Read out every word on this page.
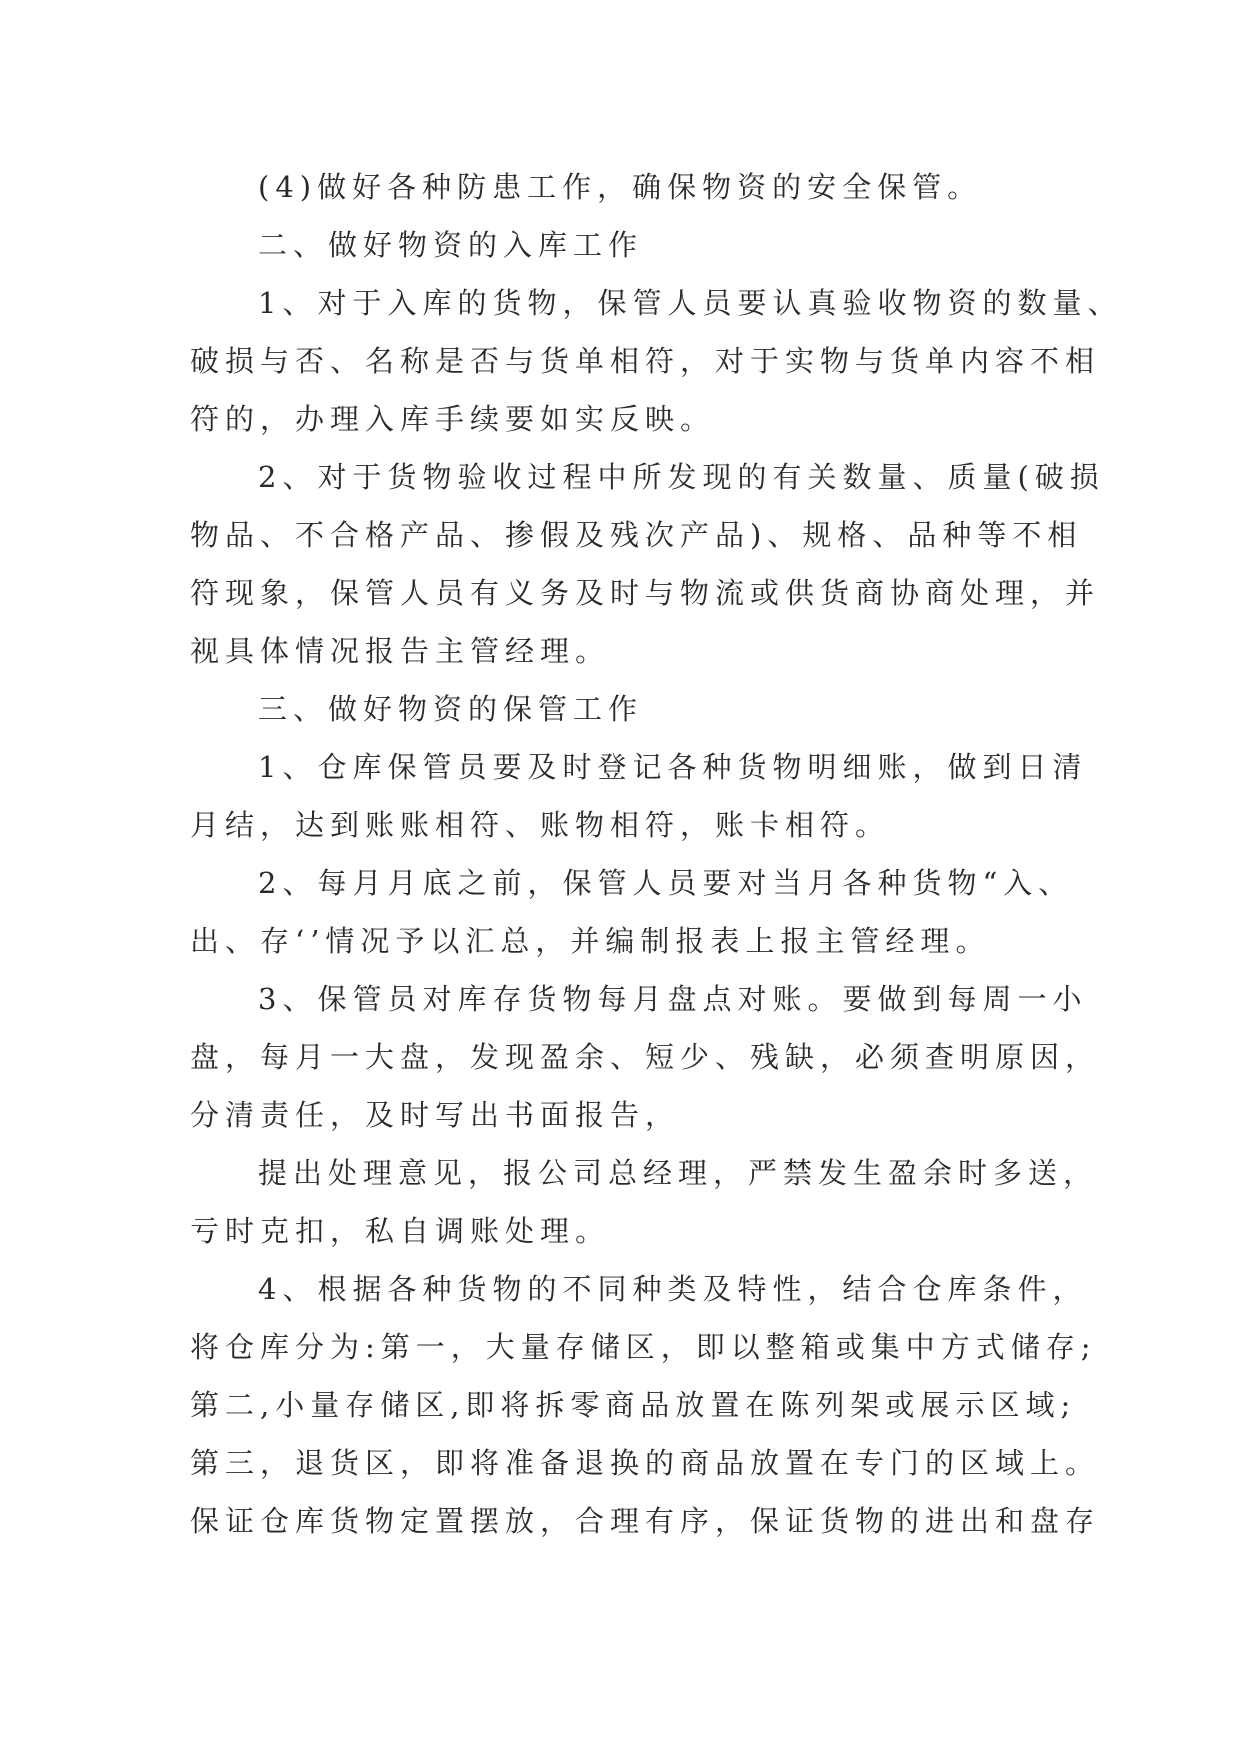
(4)做好各种防患工作，确保物资的安全保管。
二、做好物资的入库工作
1、对于入库的货物，保管人员要认真验收物资的数量、
破损与否、名称是否与货单相符，对于实物与货单内容不相
符的，办理入库手续要如实反映。
2、对于货物验收过程中所发现的有关数量、质量(破损
物品、不合格产品、掺假及残次产品)、规格、品种等不相
符现象，保管人员有义务及时与物流或供货商协商处理，并
视具体情况报告主管经理。
三、做好物资的保管工作
1、仓库保管员要及时登记各种货物明细账，做到日清
月结，达到账账相符、账物相符，账卡相符。
2、每月月底之前，保管人员要对当月各种货物“入、
出、存‘’情况予以汇总，并编制报表上报主管经理。
3、保管员对库存货物每月盘点对账。要做到每周一小
盘，每月一大盘，发现盈余、短少、残缺，必须查明原因，
分清责任，及时写出书面报告，
提出处理意见，报公司总经理，严禁发生盈余时多送，
亏时克扣，私自调账处理。
4、根据各种货物的不同种类及特性，结合仓库条件，
将仓库分为:第一，大量存储区，即以整箱或集中方式储存;
第二,小量存储区,即将拆零商品放置在陈列架或展示区域;
第三，退货区，即将准备退换的商品放置在专门的区域上。
保证仓库货物定置摆放，合理有序，保证货物的进出和盘存
